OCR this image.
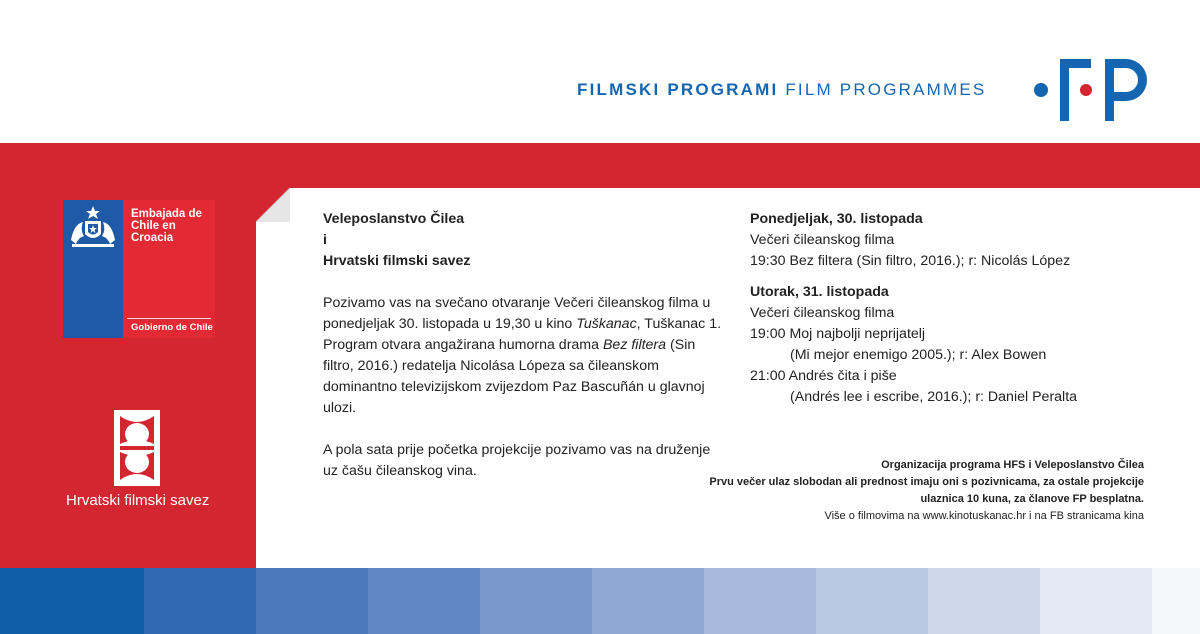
FILMSKI PROGRAMI FILM PROGRAMMES
Embajada de
Chile en
Croacia
Gobierno de Chile
Hrvatski filmski savez
Veleposlanstvo Čilea
i
Hrvatski filmski savez
Pozivamo vas na svečano otvaranje Večeri čileanskog filma u ponedjeljak 30. listopada u 19,30 u kino Tuškanac, Tuškanac 1. Program otvara angažirana humorna drama Bez filtera (Sin filtro, 2016.) redatelja Nicolása Lópeza sa čileanskom dominantno televizijskom zvijezdom Paz Bascuñán u glavnoj ulozi.
A pola sata prije početka projekcije pozivamo vas na druženje uz čašu čileanskog vina.
Ponedjeljak, 30. listopada
Večeri čileanskog filma
19:30 Bez filtera (Sin filtro, 2016.); r: Nicolás López
Utorak, 31. listopada
Večeri čileanskog filma
19:00 Moj najbolji neprijatelj
(Mi mejor enemigo 2005.); r: Alex Bowen
21:00 Andrés čita i piše
(Andrés lee i escribe, 2016.); r: Daniel Peralta
Organizacija programa HFS i Veleposlanstvo Čilea
Prvu večer ulaz slobodan ali prednost imaju oni s pozivnicama, za ostale projekcije
ulaznica 10 kuna, za članove FP besplatna.
Više o filmovima na www.kinotuskanac.hr i na FB stranicama kina
